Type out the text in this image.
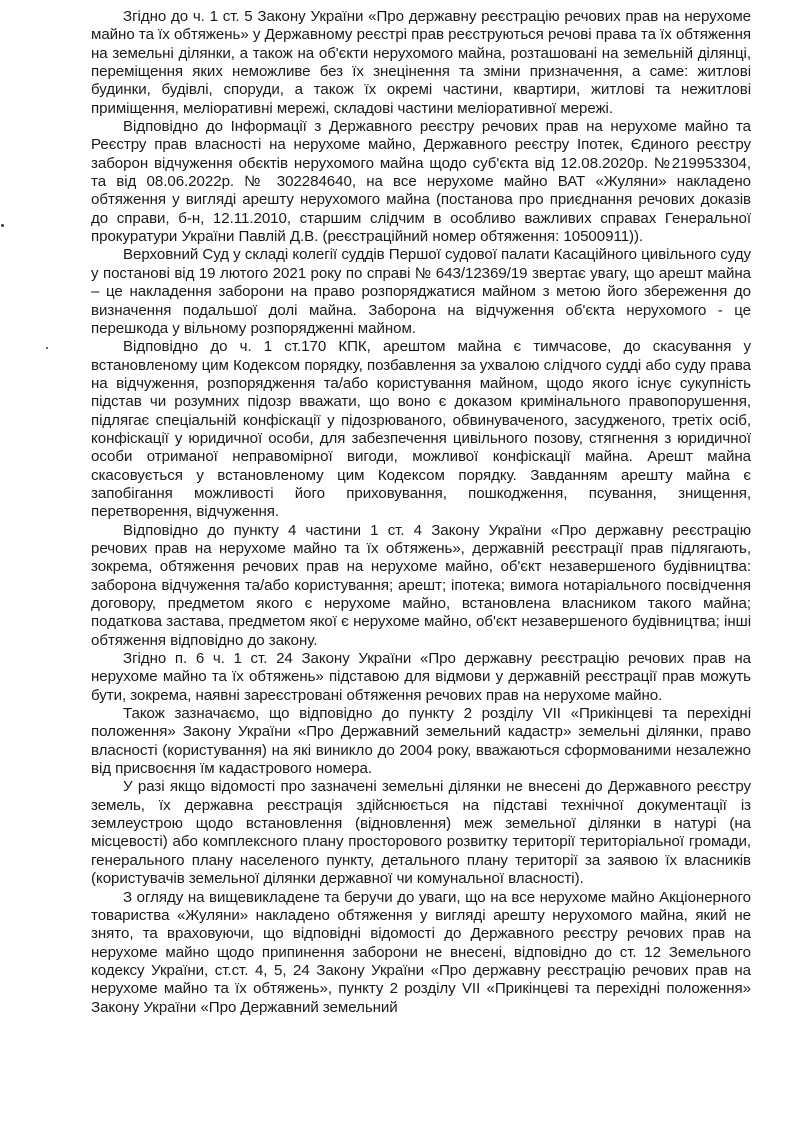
Згідно до ч. 1 ст. 5 Закону України «Про державну реєстрацію речових прав на нерухоме майно та їх обтяжень» у Державному реєстрі прав реєструються речові права та їх обтяження на земельні ділянки, а також на об'єкти нерухомого майна, розташовані на земельній ділянці, переміщення яких неможливе без їх знецінення та зміни призначення, а саме: житлові будинки, будівлі, споруди, а також їх окремі частини, квартири, житлові та нежитлові приміщення, меліоративні мережі, складові частини меліоративної мережі.

Відповідно до Інформації з Державного реєстру речових прав на нерухоме майно та Реєстру прав власності на нерухоме майно, Державного реєстру Іпотек, Єдиного реєстру заборон відчуження обєктів нерухомого майна щодо суб'єкта від 12.08.2020р. №219953304, та від 08.06.2022р. № 302284640, на все нерухоме майно ВАТ «Жуляни» накладено обтяження у вигляді арешту нерухомого майна (постанова про приєднання речових доказів до справи, б-н, 12.11.2010, старшим слідчим в особливо важливих справах Генеральної прокуратури України Павлій Д.В. (реєстраційний номер обтяження: 10500911)).

Верховний Суд у складі колегії суддів Першої судової палати Касаційного цивільного суду у постанові від 19 лютого 2021 року по справі № 643/12369/19 звертає увагу, що арешт майна – це накладення заборони на право розпоряджатися майном з метою його збереження до визначення подальшої долі майна. Заборона на відчуження об'єкта нерухомого - це перешкода у вільному розпорядженні майном.

Відповідно до ч. 1 ст.170 КПК, арештом майна є тимчасове, до скасування у встановленому цим Кодексом порядку, позбавлення за ухвалою слідчого судді або суду права на відчуження, розпорядження та/або користування майном, щодо якого існує сукупність підстав чи розумних підозр вважати, що воно є доказом кримінального правопорушення, підлягає спеціальній конфіскації у підозрюваного, обвинуваченого, засудженого, третіх осіб, конфіскації у юридичної особи, для забезпечення цивільного позову, стягнення з юридичної особи отриманої неправомірної вигоди, можливої конфіскації майна. Арешт майна скасовується у встановленому цим Кодексом порядку. Завданням арешту майна є запобігання можливості його приховування, пошкодження, псування, знищення, перетворення, відчуження.

Відповідно до пункту 4 частини 1 ст. 4 Закону України «Про державну реєстрацію речових прав на нерухоме майно та їх обтяжень», державній реєстрації прав підлягають, зокрема, обтяження речових прав на нерухоме майно, об'єкт незавершеного будівництва: заборона відчуження та/або користування; арешт; іпотека; вимога нотаріального посвідчення договору, предметом якого є нерухоме майно, встановлена власником такого майна; податкова застава, предметом якої є нерухоме майно, об'єкт незавершеного будівництва; інші обтяження відповідно до закону.

Згідно п. 6 ч. 1 ст. 24 Закону України «Про державну реєстрацію речових прав на нерухоме майно та їх обтяжень» підставою для відмови у державній реєстрації прав можуть бути, зокрема, наявні зареєстровані обтяження речових прав на нерухоме майно.

Також зазначаємо, що відповідно до пункту 2 розділу VII «Прикінцеві та перехідні положення» Закону України «Про Державний земельний кадастр» земельні ділянки, право власності (користування) на які виникло до 2004 року, вважаються сформованими незалежно від присвоєння їм кадастрового номера.

У разі якщо відомості про зазначені земельні ділянки не внесені до Державного реєстру земель, їх державна реєстрація здійснюється на підставі технічної документації із землеустрою щодо встановлення (відновлення) меж земельної ділянки в натурі (на місцевості) або комплексного плану просторового розвитку території територіальної громади, генерального плану населеного пункту, детального плану території за заявою їх власників (користувачів земельної ділянки державної чи комунальної власності).

З огляду на вищевикладене та беручи до уваги, що на все нерухоме майно Акціонерного товариства «Жуляни» накладено обтяження у вигляді арешту нерухомого майна, який не знято, та враховуючи, що відповідні відомості до Державного реєстру речових прав на нерухоме майно щодо припинення заборони не внесені, відповідно до ст. 12 Земельного кодексу України, ст.ст. 4, 5, 24 Закону України «Про державну реєстрацію речових прав на нерухоме майно та їх обтяжень», пункту 2 розділу VII «Прикінцеві та перехідні положення» Закону України «Про Державний земельний
